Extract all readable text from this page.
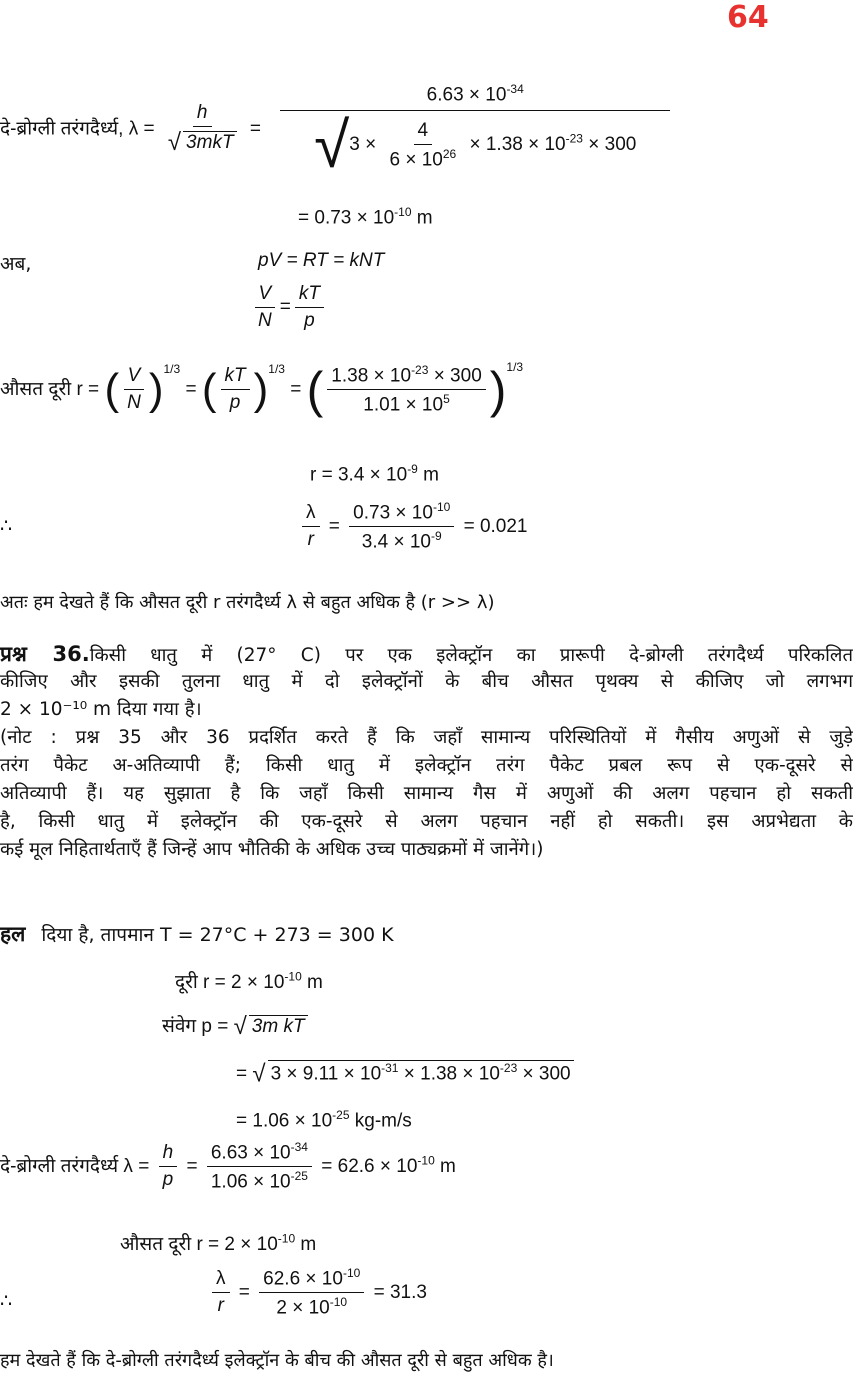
64
दे-ब्रोग्ली तरंगदैर्ध्य, $\lambda = \frac{h}{\text{√ 3mkT}} = \frac{6.63 \times 10^{-34}}{√3 \times \frac{4}{6 \times 10^{26}} \times 1.38 \times 10^{-23} \times 300}$
= $0.73 \times 10^{-10}$ m
अब,	pV = RT = kNT
$\frac{V}{N} = \frac{kT}{p}$
औसत दूरी r = ( $\frac{V}{N} )^{1/3}$ = ( $\frac{kT}{p} )^{1/3}$ = ( $\frac{1.38 \times 10^{-23} \times 300}{1.01 \times 10^5} )^{1/3}$
$r = 3.4 \times 10^{-9}$ m
∴	$\frac{\lambda}{r} = \frac{0.73 \times 10^{-10}}{3.4 \times 10^{-9}} = 0.021$
अतः हम देखते हैं कि औसत दूरी r तरंगदैर्ध्य λ से बहुत अधिक है (r >> λ)
प्रश्न 36.किसी धातु में (27° C) पर एक इलेक्ट्रॉन का प्रारूपी दे-ब्रोग्ली तरंगदैर्ध्य परिकलित
कीजिए और इसकी तुलना धातु में दो इलेक्ट्रॉनों के बीच औसत पृथक्य से कीजिए जो लगभग
2 × 10⁻¹⁰ m दिया गया है।
(नोट : प्रश्न 35 और 36 प्रदर्शित करते हैं कि जहाँ सामान्य परिस्थितियों में गैसीय अणुओं से जुड़े
तरंग पैकेट अ-अतिव्यापी हैं; किसी धातु में इलेक्ट्रॉन तरंग पैकेट प्रबल रूप से एक-दूसरे से
अतिव्यापी हैं। यह सुझाता है कि जहाँ किसी सामान्य गैस में अणुओं की अलग पहचान हो सकती
है, किसी धातु में इलेक्ट्रॉन की एक-दूसरे से अलग पहचान नहीं हो सकती। इस अप्रभेद्यता के
कई मूल निहितार्थताएँ हैं जिन्हें आप भौतिकी के अधिक उच्च पाठ्यक्रमों में जानेंगे।)
हल दिया है, तापमान T = 27°C + 273 = 300 K
दूरी $r = 2 \times 10^{-10}$ m
संवेग p = √ 3m kT
= √ $3 \times 9.11 \times 10^{-31} \times 1.38 \times 10^{-23} \times 300$
= $1.06 \times 10^{-25}$ kg-m/s
दे-ब्रोग्ली तरंगदैर्ध्य $\lambda = \frac{h}{p} = \frac{6.63 \times 10^{-34}}{1.06 \times 10^{-25}} = 62.6 \times 10^{-10}$ m
औसत दूरी $r = 2 \times 10^{-10}$ m
∴	$\frac{\lambda}{r} = \frac{62.6 \times 10^{-10}}{2 \times 10^{-10}} = 31.3$
हम देखते हैं कि दे-ब्रोग्ली तरंगदैर्ध्य इलेक्ट्रॉन के बीच की औसत दूरी से बहुत अधिक है।
